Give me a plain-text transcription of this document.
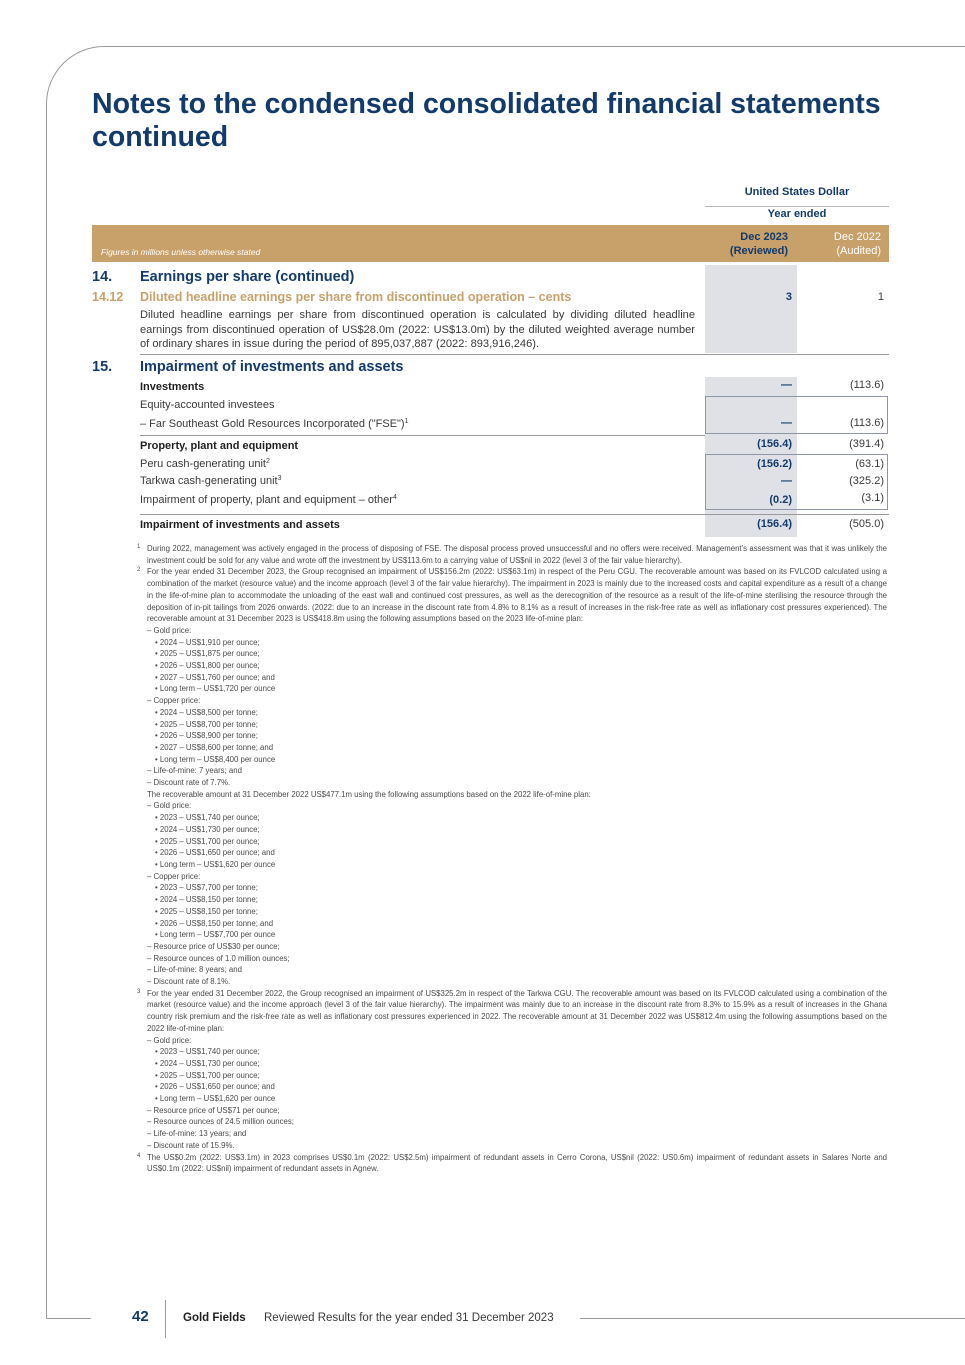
Notes to the condensed consolidated financial statements continued
United States Dollar
Year ended
Figures in millions unless otherwise stated
Dec 2023
(Reviewed)
Dec 2022
(Audited)
14. Earnings per share (continued)
14.12 Diluted headline earnings per share from discontinued operation – cents	3	1
Diluted headline earnings per share from discontinued operation is calculated by dividing diluted headline earnings from discontinued operation of US$28.0m (2022: US$13.0m) by the diluted weighted average number of ordinary shares in issue during the period of 895,037,887 (2022: 893,916,246).
15. Impairment of investments and assets
Investments	—	(113.6)
Equity-accounted investees
– Far Southeast Gold Resources Incorporated ("FSE")$^1$	—	(113.6)
Property, plant and equipment	(156.4)	(391.4)
Peru cash-generating unit$^2$	(156.2)	(63.1)
Tarkwa cash-generating unit$^3$	—	(325.2)
Impairment of property, plant and equipment – other$^4$	(0.2)	(3.1)
Impairment of investments and assets	(156.4)	(505.0)
1 During 2022, management was actively engaged in the process of disposing of FSE. The disposal process proved unsuccessful and no offers were received. Management's assessment was that it was unlikely the investment could be sold for any value and wrote off the investment by US$113.6m to a carrying value of US$nil in 2022 (level 3 of the fair value hierarchy).

2 For the year ended 31 December 2023, the Group recognised an impairment of US$156.2m (2022: US$63.1m) in respect of the Peru CGU. The recoverable amount was based on its FVLCOD calculated using a combination of the market (resource value) and the income approach (level 3 of the fair value hierarchy). The impairment in 2023 is mainly due to the increased costs and capital expenditure as a result of a change in the life-of-mine plan to accommodate the unloading of the east wall and continued cost pressures, as well as the derecognition of the resource as a result of the life-of-mine sterilising the resource through the deposition of in-pit tailings from 2026 onwards. (2022: due to an increase in the discount rate from 4.8% to 8.1% as a result of increases in the risk-free rate as well as inflationary cost pressures experienced). The recoverable amount at 31 December 2023 is US$418.8m using the following assumptions based on the 2023 life-of-mine plan:

– Gold price:
• 2024 – US$1,910 per ounce;
• 2025 – US$1,875 per ounce;
• 2026 – US$1,800 per ounce;
• 2027 – US$1,760 per ounce; and
• Long term – US$1,720 per ounce
– Copper price:
• 2024 – US$8,500 per tonne;
• 2025 – US$8,700 per tonne;
• 2026 – US$8,900 per tonne;
• 2027 – US$8,600 per tonne; and
• Long term – US$8,400 per ounce
– Life-of-mine: 7 years; and
– Discount rate of 7.7%.
The recoverable amount at 31 December 2022 US$477.1m using the following assumptions based on the 2022 life-of-mine plan:
– Gold price:
• 2023 – US$1,740 per ounce;
• 2024 – US$1,730 per ounce;
• 2025 – US$1,700 per ounce;
• 2026 – US$1,650 per ounce; and
• Long term – US$1,620 per ounce
– Copper price:
• 2023 – US$7,700 per tonne;
• 2024 – US$8,150 per tonne;
• 2025 – US$8,150 per tonne;
• 2026 – US$8,150 per tonne; and
• Long term – US$7,700 per ounce
– Resource price of US$30 per ounce;
– Resource ounces of 1.0 million ounces;
– Life-of-mine: 8 years; and
– Discount rate of 8.1%.
3 For the year ended 31 December 2022, the Group recognised an impairment of US$325.2m in respect of the Tarkwa CGU. The recoverable amount was based on its FVLCOD calculated using a combination of the market (resource value) and the income approach (level 3 of the fair value hierarchy). The impairment was mainly due to an increase in the discount rate from 8.3% to 15.9% as a result of increases in the Ghana country risk premium and the risk-free rate as well as inflationary cost pressures experienced in 2022. The recoverable amount at 31 December 2022 was US$812.4m using the following assumptions based on the 2022 life-of-mine plan:

– Gold price:
• 2023 – US$1,740 per ounce;
• 2024 – US$1,730 per ounce;
• 2025 – US$1,700 per ounce;
• 2026 – US$1,650 per ounce; and
• Long term – US$1,620 per ounce
– Resource price of US$71 per ounce;
– Resource ounces of 24.5 million ounces;
– Life-of-mine: 13 years; and
– Discount rate of 15.9%.
4 The US$0.2m (2022: US$3.1m) in 2023 comprises US$0.1m (2022: US$2.5m) impairment of redundant assets in Cerro Corona, US$nil (2022: US0.6m) impairment of redundant assets in Salares Norte and US$0.1m (2022: US$nil) impairment of redundant assets in Agnew.

42	Gold Fields Reviewed Results for the year ended 31 December 2023
